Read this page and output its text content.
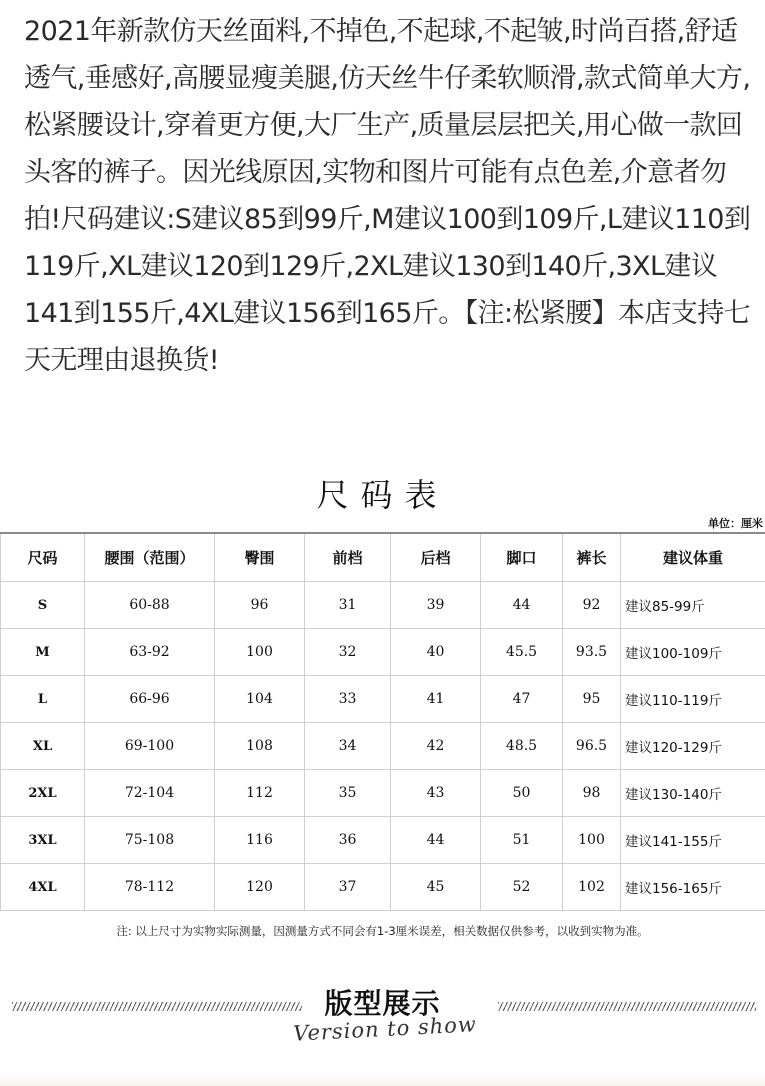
2021年新款仿天丝面料,不掉色,不起球,不起皱,时尚百搭,舒适透气,垂感好,高腰显瘦美腿,仿天丝牛仔柔软顺滑,款式简单大方,松紧腰设计,穿着更方便,大厂生产,质量层层把关,用心做一款回头客的裤子。因光线原因,实物和图片可能有点色差,介意者勿拍!尺码建议:S建议85到99斤,M建议100到109斤,L建议110到119斤,XL建议120到129斤,2XL建议130到140斤,3XL建议141到155斤,4XL建议156到165斤。【注:松紧腰】本店支持七天无理由退换货!
尺码表
单位：厘米
尺码	腰围（范围）	臀围	前档	后档	脚口	裤长	建议体重
S	60-88	96	31	39	44	92	建议85-99斤
M	63-92	100	32	40	45.5	93.5	建议100-109斤
L	66-96	104	33	41	47	95	建议110-119斤
XL	69-100	108	34	42	48.5	96.5	建议120-129斤
2XL	72-104	112	35	43	50	98	建议130-140斤
3XL	75-108	116	36	44	51	100	建议141-155斤
4XL	78-112	120	37	45	52	102	建议156-165斤
注: 以上尺寸为实物实际测量，因测量方式不同会有1-3厘米误差，相关数据仅供参考，以收到实物为准。
版型展示
Version to show
